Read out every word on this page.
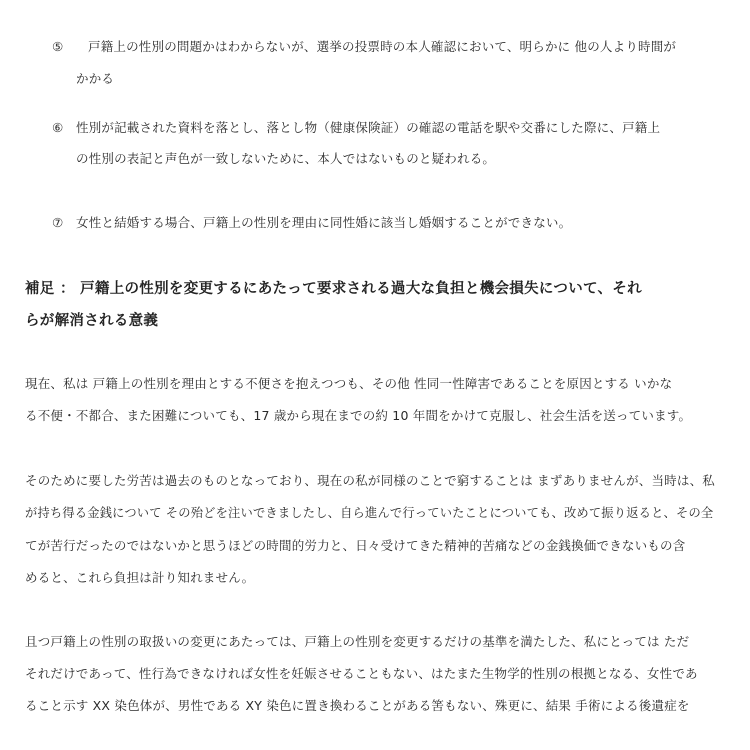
⑤ 戸籍上の性別の問題かはわからないが、選挙の投票時の本人確認において、明らかに 他の人より時間が
かかる
⑥ 性別が記載された資料を落とし、落とし物（健康保険証）の確認の電話を駅や交番にした際に、戸籍上
の性別の表記と声色が一致しないために、本人ではないものと疑われる。
⑦ 女性と結婚する場合、戸籍上の性別を理由に同性婚に該当し婚姻することができない。
補足 ： 戸籍上の性別を変更するにあたって要求される過大な負担と機会損失について、それ
らが解消される意義
現在、私は 戸籍上の性別を理由とする不便さを抱えつつも、その他 性同一性障害であることを原因とする いかな
る不便・不都合、また困難についても、17 歳から現在までの約 10 年間をかけて克服し、社会生活を送っています。
そのために要した労苦は過去のものとなっており、現在の私が同様のことで窮することは まずありませんが、当時は、私
が持ち得る金銭について その殆どを注いできましたし、自ら進んで行っていたことについても、改めて振り返ると、その全
てが苦行だったのではないかと思うほどの時間的労力と、日々受けてきた精神的苦痛などの金銭換価できないもの含
めると、これら負担は計り知れません。
且つ戸籍上の性別の取扱いの変更にあたっては、戸籍上の性別を変更するだけの基準を満たした、私にとっては ただ
それだけであって、性行為できなければ女性を妊娠させることもない、はたまた生物学的性別の根拠となる、女性であ
ること示す XX 染色体が、男性である XY 染色に置き換わることがある筈もない、殊更に、結果 手術による後遺症を
